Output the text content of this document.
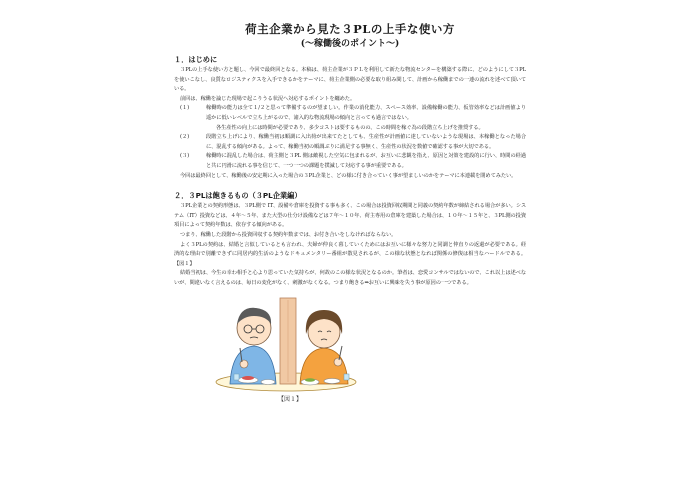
荷主企業から見た３PLの上手な使い方
(〜稼働後のポイント〜)
１．はじめに

３PLの上手な使い方と題し、今回で最終回となる。本稿は、荷主企業が３ＰＬを利用して新たな物流センターを構築する際に、どのようにして３PLを使いこなし、良質なロジスティクスを入手できるかをテーマに、荷主企業側の必要な取り組み間して、計画から稼働までの一連の流れを述べて頂いている。

前回は、稼働を論じた現場で起こりうる状況へ対応するポイントを纏めた。

(１)	稼働時の能力は全て１/２と思って準備するのが望ましい。作業の消化能力、スペース効率、設備稼働の能力、仮管効率などは計画値より遥かに低いレベルで立ち上がるので、諸入的な物流現場の傾向と言っても過言ではない。
各生産性の向上には時間が必要であり、多少コストは要するものの、この時間を稼ぐ為の段階立ち上げを推奨する。
(２)	段階立ち上げにより、稼働当初は順調に入出荷が出来てたとしても、生産性が計画値に達していないような現場は、本稼働となった場合に、混乱する傾向がある。よって、稼働当初の順調ぶりに満足する事無く、生産性の状況を数値で確認する事が大切である。
(３)	稼働時に混乱した場合は、荷主側と３PL 側は敵視した空気に包まれるが、お互いに悲観を指え、原因と対策を建設的に行い、時間の経過と共に円滑に流れる事を信じて、一つ一つの課題を撲滅して対応する事が重要である。

今回は最終回として、稼働後の安定期に入った場合の３PL企業と、どの様に付き合っていく事が望ましいのかをテーマに本連載を閉めてみたい。

２．３PLは飽きるもの（３PL企業編）

３PL企業との契約形態は、３PL側で IT、設備や倉庫を投資する事も多く、この場合は投資回収期間と同義の契約年数が締結される場合が多い。システム（IT）投資などは、４年〜５年、また大型の仕分け設備などは７年〜１０年、荷主専用の倉庫を建築した場合は、１０年〜１５年と、３PL側の投資項目によって契約年数は、依存する傾向がある。

つまり、稼働した段階から投資回収する契約年数までは、お付き合いをしなければならない。

よく３PLの契約は、結婚と言似しているとも言われ、夫婦が仲良く暮していくためにはお互いに様々な努力と同調と仲直りの返還が必要である。経済的な理由で別離できずに同居内的生活のようなドキュメンタリー番組が散見されるが、この様な状態となれば関係の修復は相当なハードルである。【図１】

結婚当初は、今生の幸わ相手と心より思っていた気持ちが、何故のこの様な状況となるのか。筆者は、恋愛コンサルではないので、これ以上は述べないが、間違いなく言えるのは、毎日の変化がなく、刺激がなくなる。つまり飽きる⇒お互いに興味を失う事が原因の一つである。

【図１】
